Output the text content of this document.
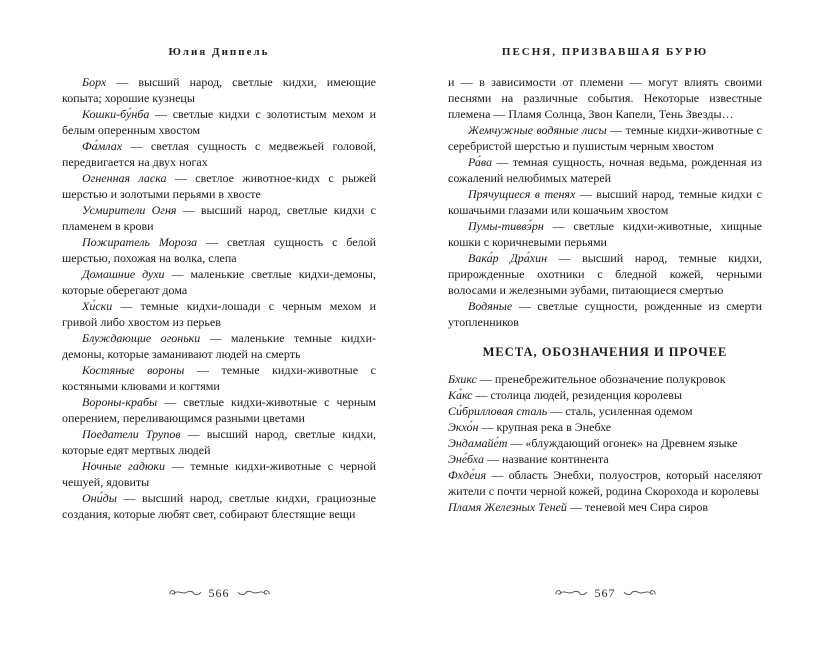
Юлия Диппель

Борх — высший народ, светлые кидхи, имеющие копыта; хорошие кузнецы

Кошки-бу́нба — светлые кидхи с золотистым мехом и белым оперенным хвостом

Фа́млах — светлая сущность с медвежьей головой, передвигается на двух ногах

Огненная ласка — светлое животное-кидх с рыжей шерстью и золотыми перьями в хвосте

Усмирители Огня — высший народ, светлые кидхи с пламенем в крови

Пожиратель Мороза — светлая сущность с белой шерстью, похожая на волка, слепа

Домашние духи — маленькие светлые кидхи-демоны, которые оберегают дома

Хи́ски — темные кидхи-лошади с черным мехом и гривой либо хвостом из перьев

Блуждающие огоньки — маленькие темные кидхи-демоны, которые заманивают людей на смерть

Костяные вороны — темные кидхи-животные с костяными клювами и когтями

Вороны-крабы — светлые кидхи-животные с черным оперением, переливающимся разными цветами

Поедатели Трупов — высший народ, светлые кидхи, которые едят мертвых людей

Ночные гадюки — темные кидхи-животные с черной чешуей, ядовиты

Они́ды — высший народ, светлые кидхи, грациозные создания, которые любят свет, собирают блестящие вещи

ПЕСНЯ, ПРИЗВАВШАЯ БУРЮ

и — в зависимости от племени — могут влиять своими песнями на различные события. Некоторые известные племена — Пламя Солнца, Звон Капели, Тень Звезды…

Жемчужные водяные лисы — темные кидхи-животные с серебристой шерстью и пушистым черным хвостом

Ра́ва — темная сущность, ночная ведьма, рожденная из сожалений нелюбимых матерей

Прячущиеся в тенях — высший народ, темные кидхи с кошачьими глазами или кошачьим хвостом

Пумы-тиввэ́рн — светлые кидхи-животные, хищные кошки с коричневыми перьями

Вака́р Дра́хин — высший народ, темные кидхи, прирожденные охотники с бледной кожей, черными волосами и железными зубами, питающиеся смертью

Водяные — светлые сущности, рожденные из смерти утопленников

МЕСТА, ОБОЗНАЧЕНИЯ И ПРОЧЕЕ

Бхикс — пренебрежительное обозначение полукровок

Ка́кс — столица людей, резиденция королевы

Си́брилловая сталь — сталь, усиленная одемом

Экхо́н — крупная река в Энебхе

Эндамайе́т — «блуждающий огонек» на Древнем языке

Эне́бха — название континента

Фхде́ия — область Энебхи, полуостров, который населяют жители с почти черной кожей, родина Скорохода и королевы

Пламя Железных Теней — теневой меч Сира сиров

566	567
